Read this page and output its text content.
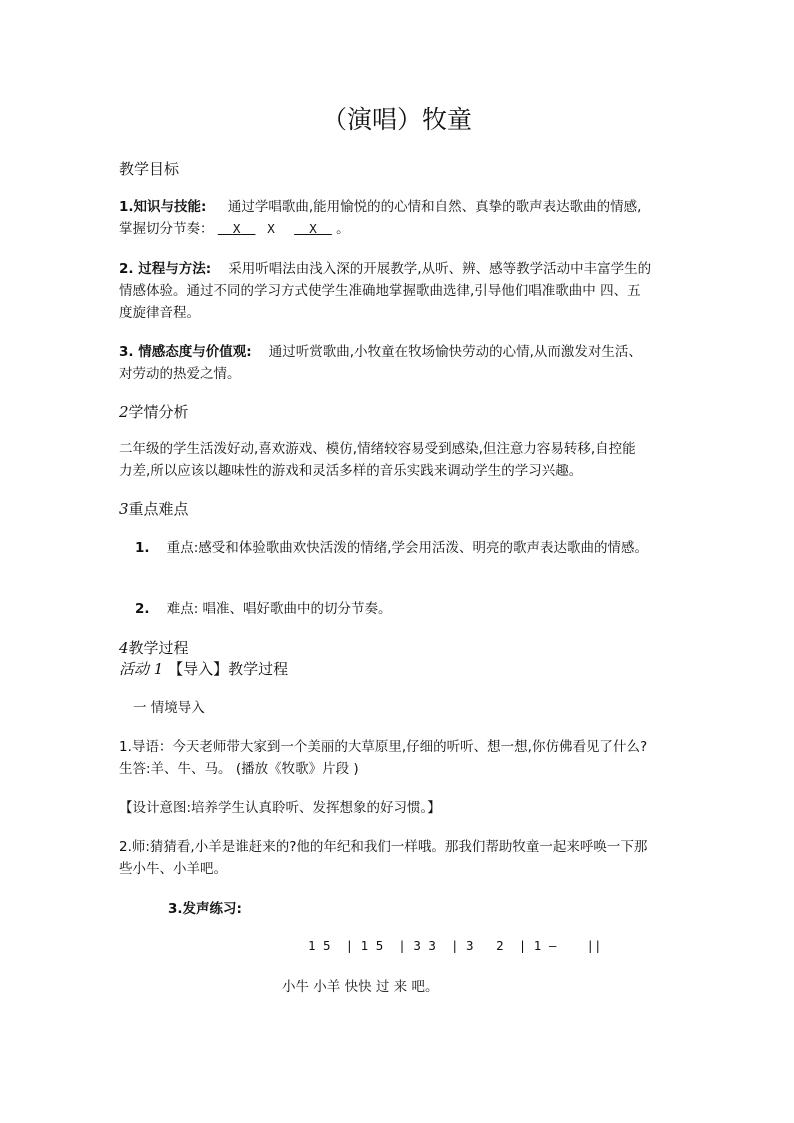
（演唱）牧童
教学目标
1.知识与技能: 通过学唱歌曲,能用愉悦的的心情和自然、真挚的歌声表达歌曲的情感,
掌握切分节奏： X X	X 。
2. 过程与方法: 采用听唱法由浅入深的开展教学,从听、辨、感等教学活动中丰富学生的
情感体验。通过不同的学习方式使学生准确地掌握歌曲选律,引导他们唱准歌曲中 四、五
度旋律音程。
3. 情感态度与价值观: 通过听赏歌曲,小牧童在牧场愉快劳动的心情,从而激发对生活、
对劳动的热爱之情。
2学情分析
二年级的学生活泼好动,喜欢游戏、模仿,情绪较容易受到感染,但注意力容易转移,自控能
力差,所以应该以趣味性的游戏和灵活多样的音乐实践来调动学生的学习兴趣。
3重点难点
1. 重点:感受和体验歌曲欢快活泼的情绪,学会用活泼、明亮的歌声表达歌曲的情感。
2. 难点: 唱准、唱好歌曲中的切分节奏。
4教学过程
活动 1 【导入】教学过程
一 情境导入
1.导语：今天老师带大家到一个美丽的大草原里,仔细的听听、想一想,你仿佛看见了什么?
生答:羊、牛、马。 (播放《牧歌》片段 )
【设计意图:培养学生认真聆听、发挥想象的好习惯。】
2.师:猜猜看,小羊是谁赶来的?他的年纪和我们一样哦。那我们帮助牧童一起来呼唤一下那
些小牛、小羊吧。
3.发声练习:
1 5  | 1 5  | 3 3  | 3   2  | 1 –    ||
小牛 小羊 快快 过 来 吧。
